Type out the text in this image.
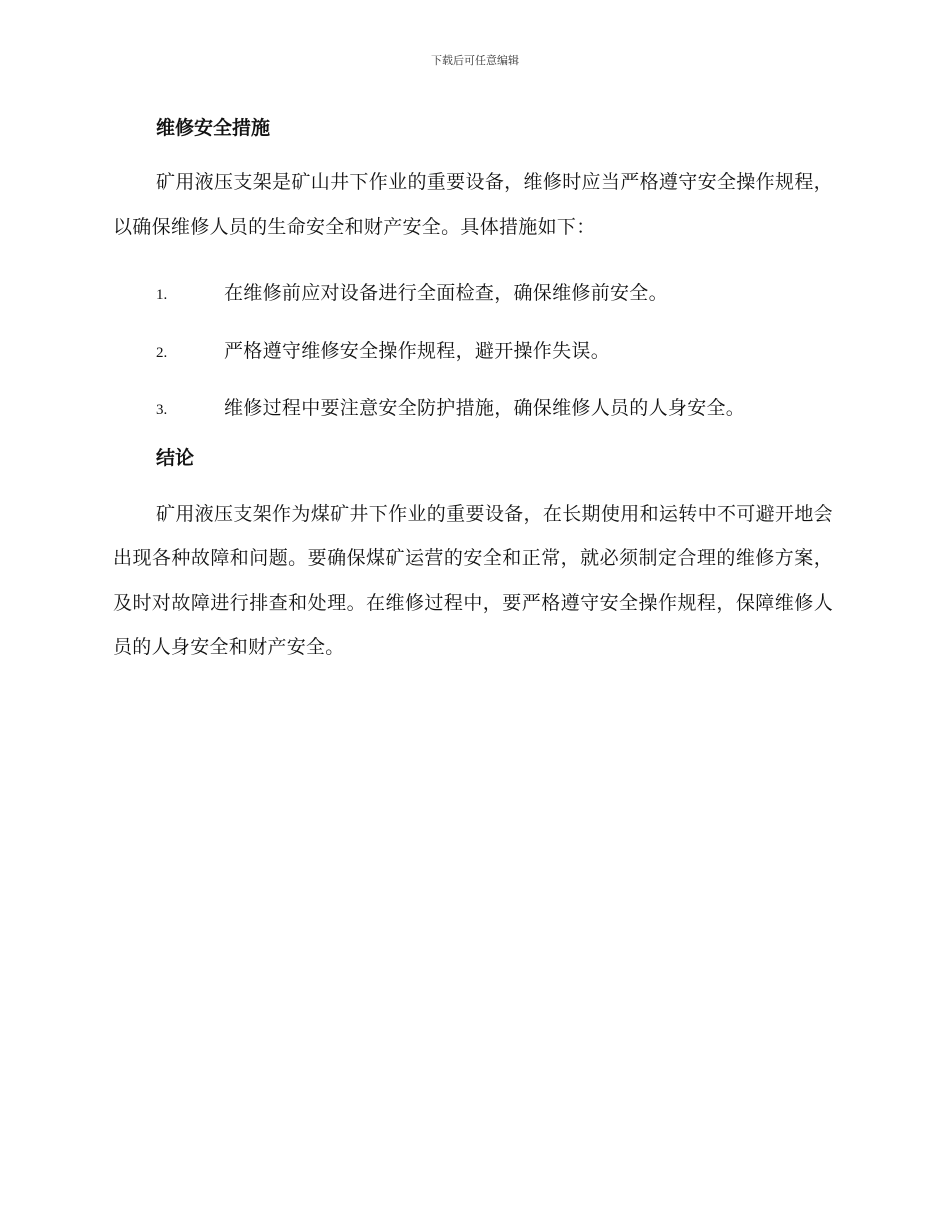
下载后可任意编辑
维修安全措施

矿用液压支架是矿山井下作业的重要设备，维修时应当严格遵守安全操作规程，以确保维修人员的生命安全和财产安全。具体措施如下：

1.	在维修前应对设备进行全面检查，确保维修前安全。
2.	严格遵守维修安全操作规程，避开操作失误。
3.	维修过程中要注意安全防护措施，确保维修人员的人身安全。
结论

矿用液压支架作为煤矿井下作业的重要设备，在长期使用和运转中不可避开地会出现各种故障和问题。要确保煤矿运营的安全和正常，就必须制定合理的维修方案，及时对故障进行排查和处理。在维修过程中，要严格遵守安全操作规程，保障维修人员的人身安全和财产安全。
